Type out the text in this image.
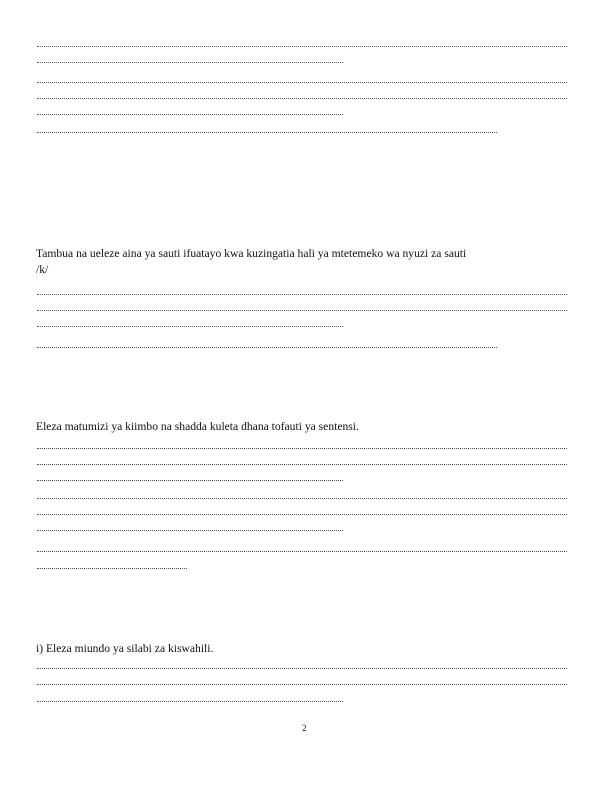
Tambua na ueleze aina ya sauti ifuatayo kwa kuzingatia hali ya mtetemeko wa nyuzi za sauti
/k/
Eleza matumizi ya kiimbo na shadda kuleta dhana tofauti ya sentensi.
i) Eleza miundo ya silabi za kiswahili.
2
